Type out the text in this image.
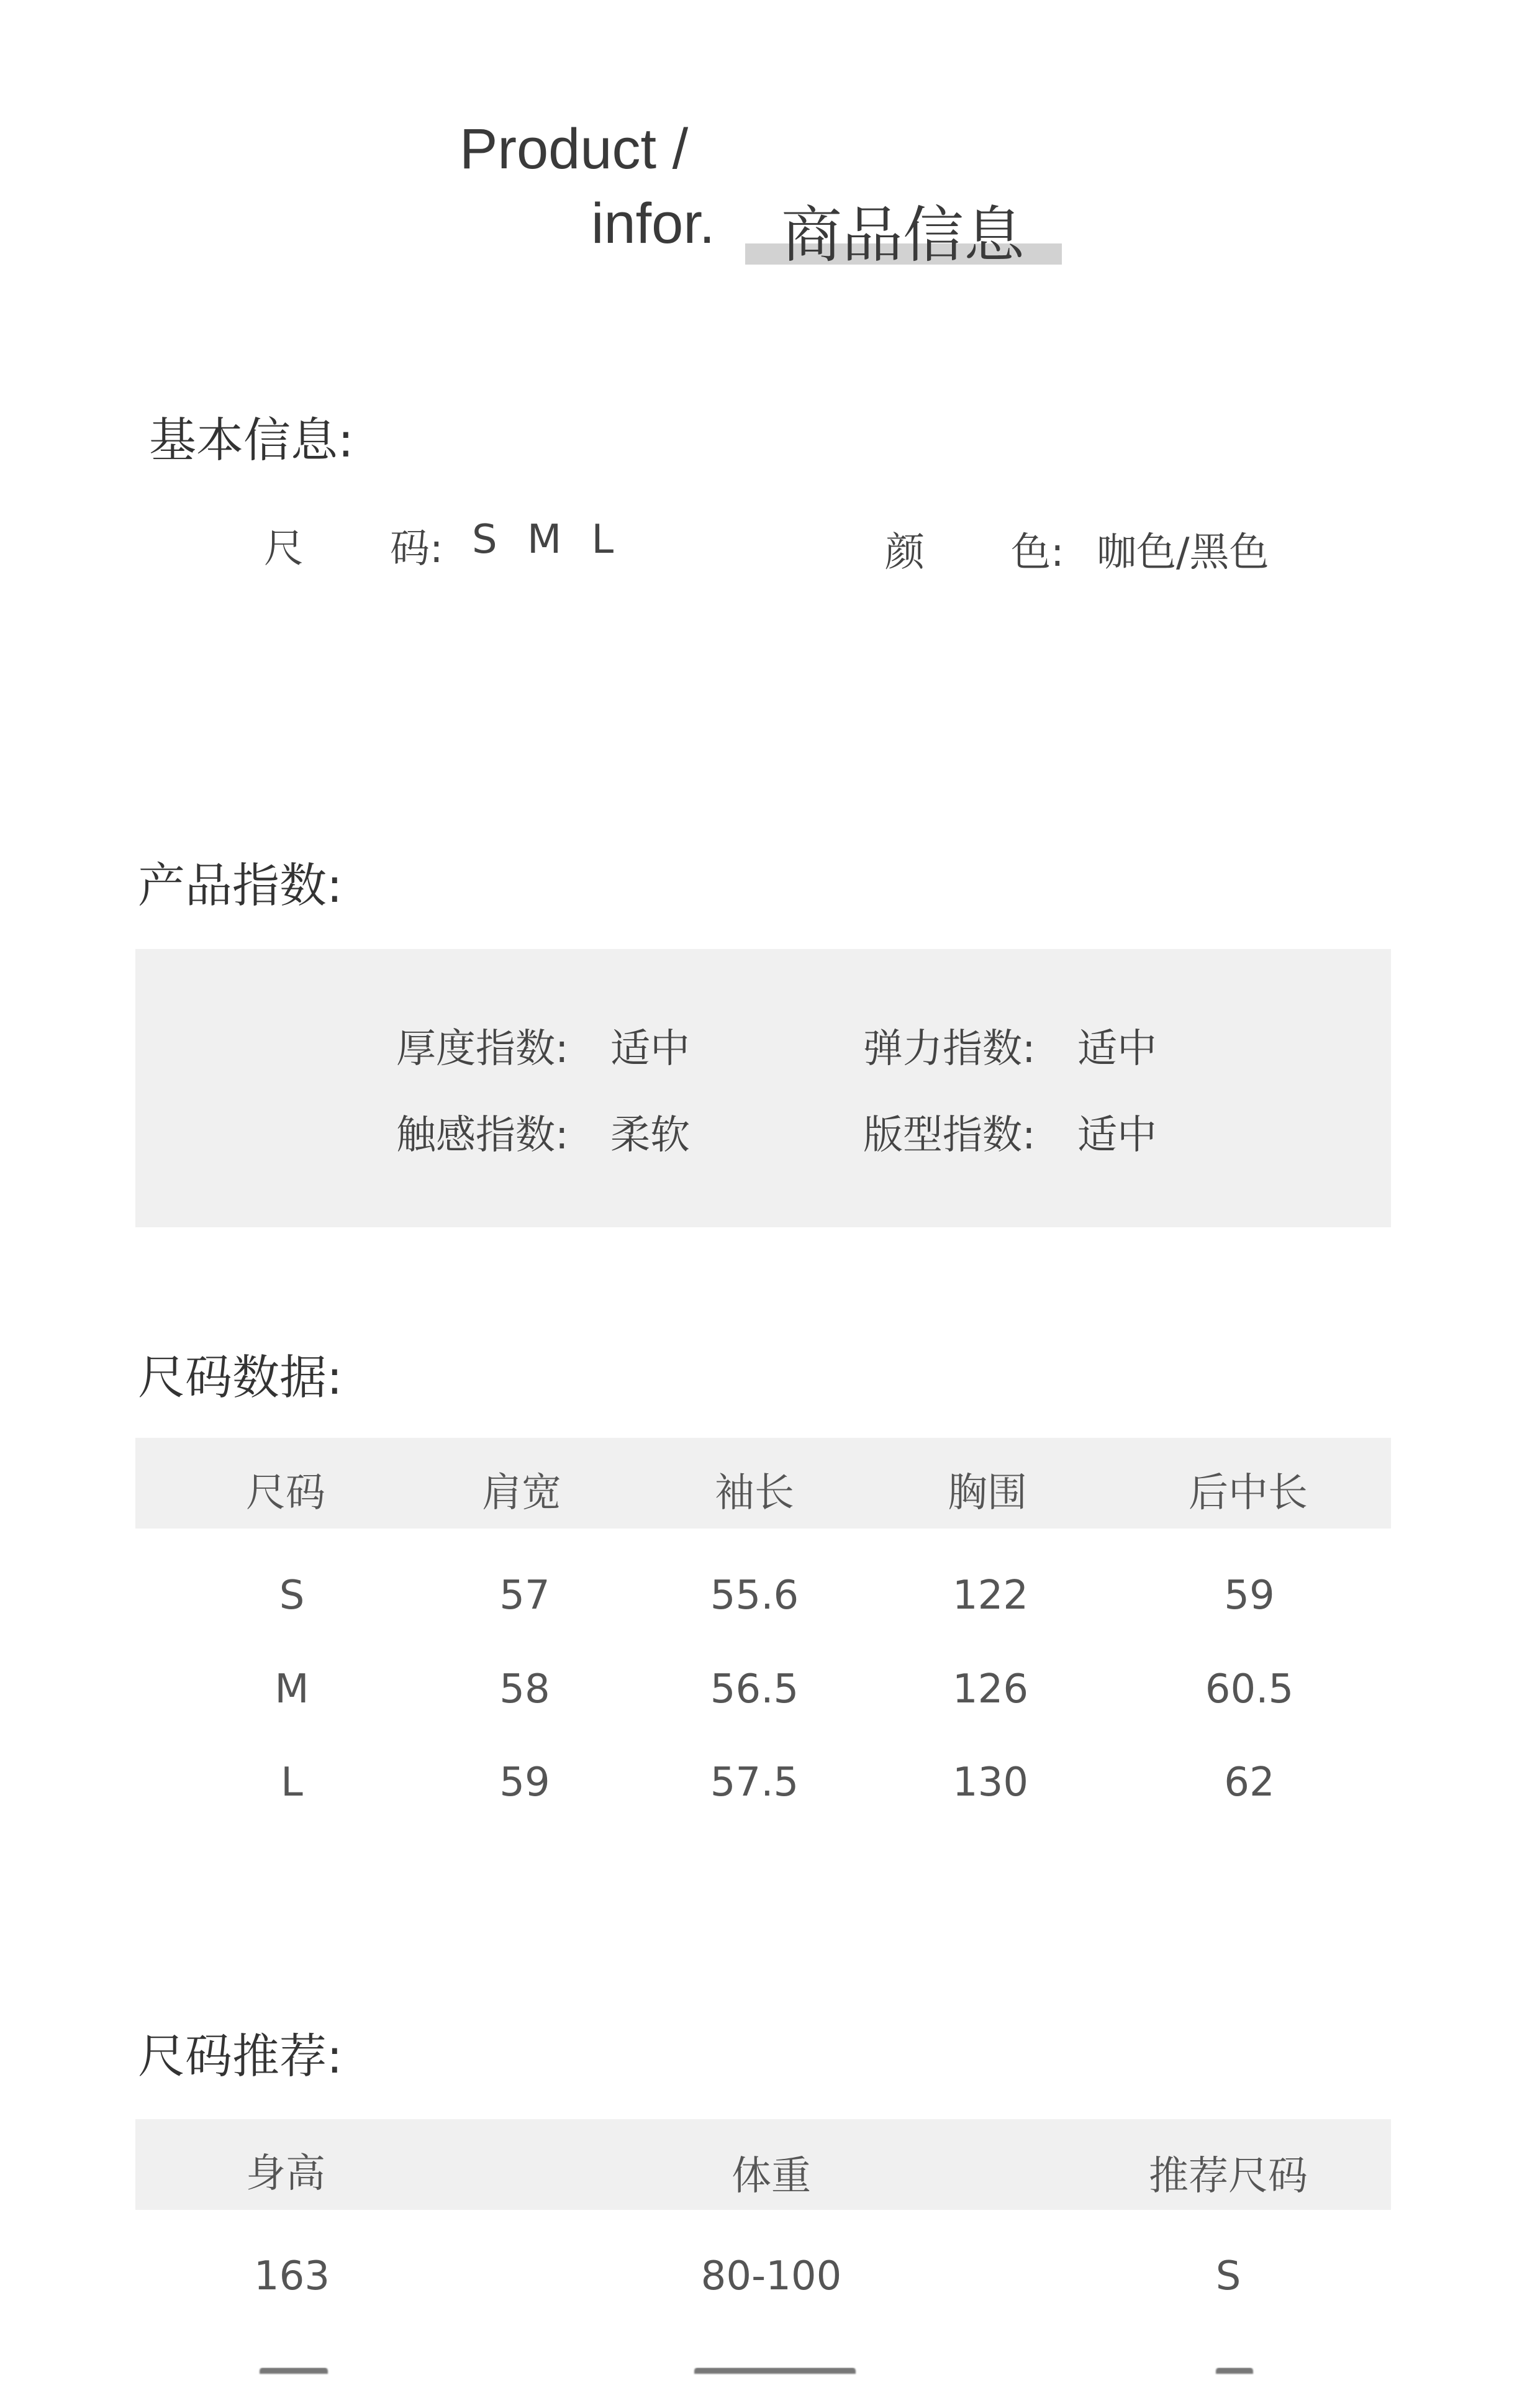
Product /
infor. 商品信息
基本信息:
尺 码: S M L	颜 色: 咖色/黑色
产品指数:
厚度指数: 适中	弹力指数: 适中
触感指数: 柔软	版型指数: 适中
尺码数据:
尺码	肩宽	袖长	胸围	后中长
S	57	55.6	122	59
M	58	56.5	126	60.5
L	59	57.5	130	62
尺码推荐:
身高	体重	推荐尺码
163	80-100	S
